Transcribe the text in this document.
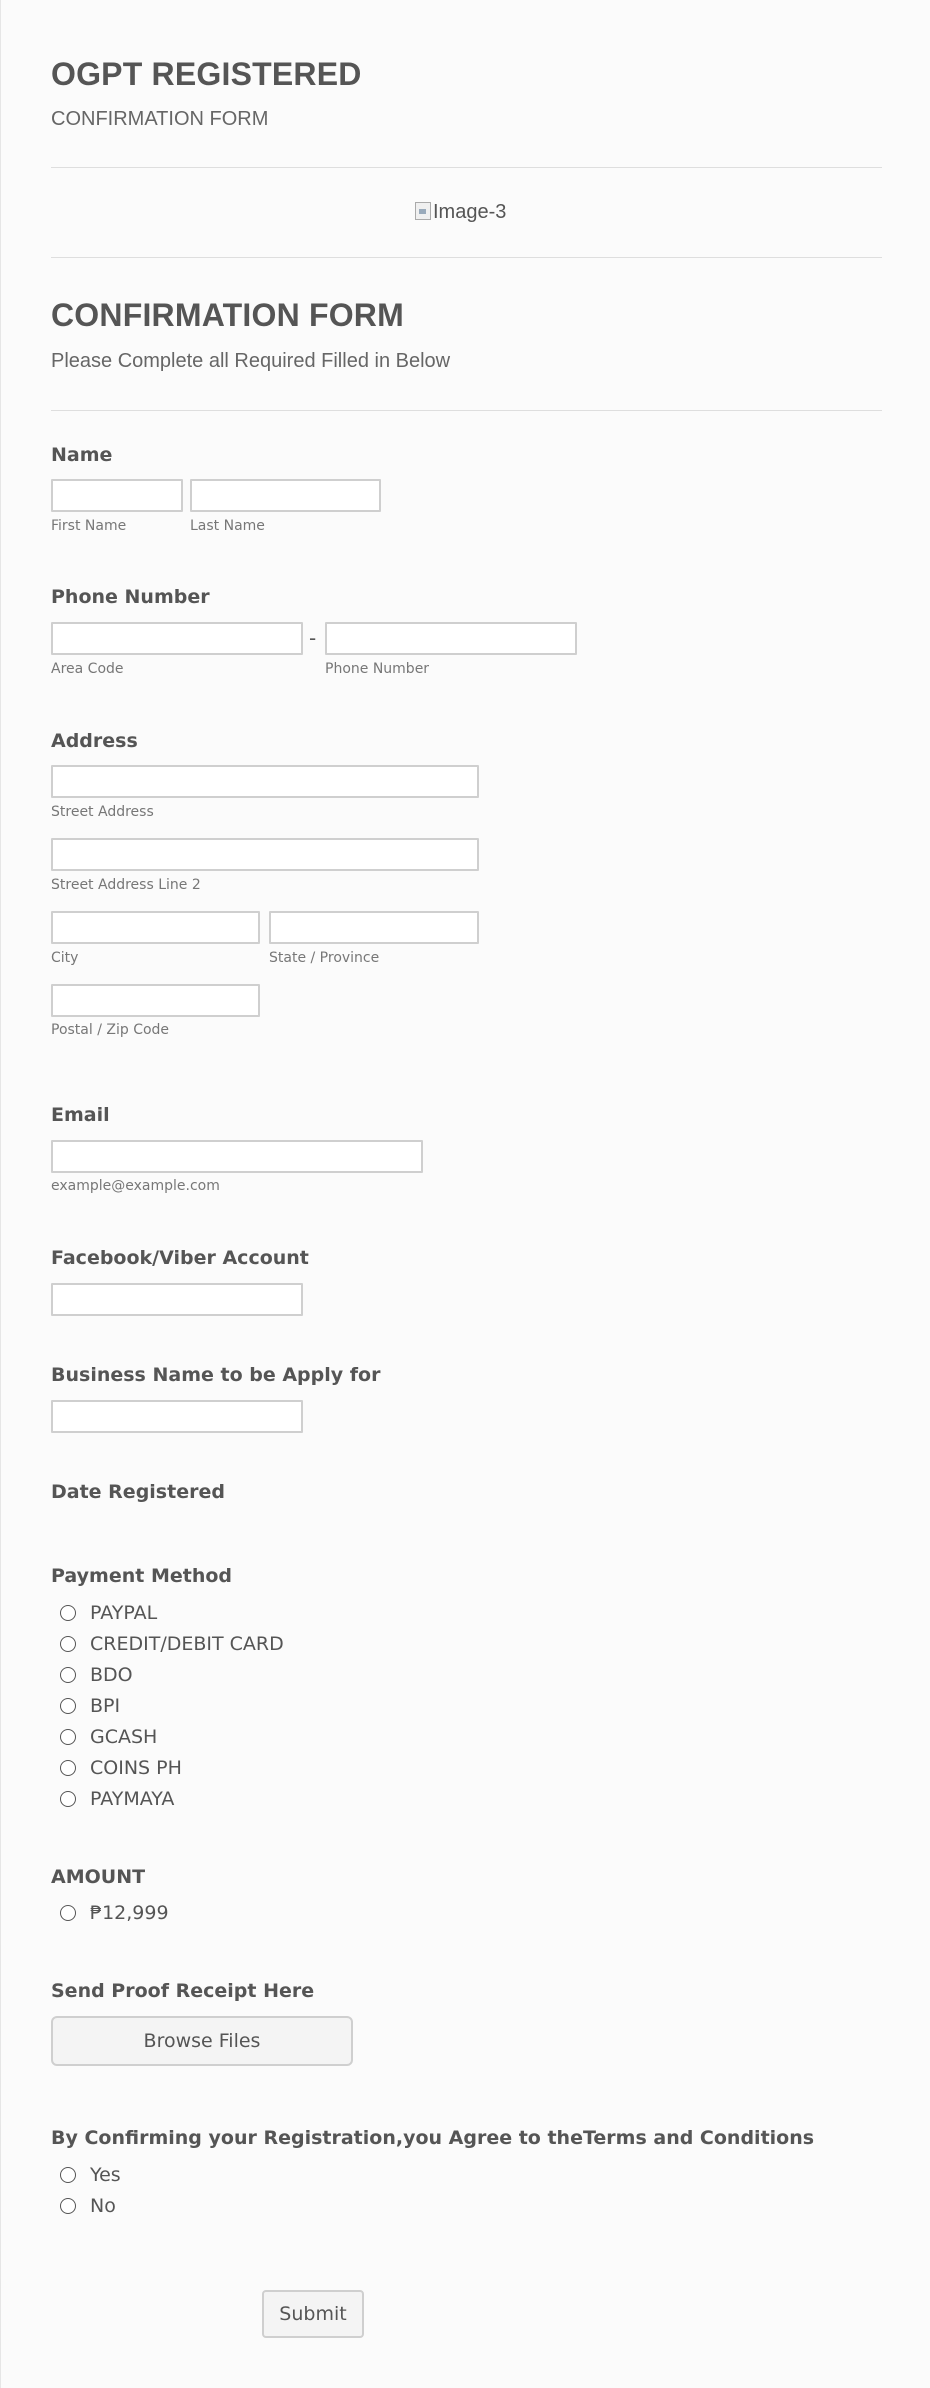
OGPT REGISTERED
CONFIRMATION FORM
Image-3
CONFIRMATION FORM
Please Complete all Required Filled in Below
Name
First Name	Last Name
Phone Number
-
Area Code	Phone Number
Address
Street Address
Street Address Line 2
City	State / Province
Postal / Zip Code
Email
example@example.com
Facebook/Viber Account
Business Name to be Apply for
Date Registered
Payment Method
PAYPAL
CREDIT/DEBIT CARD
BDO
BPI
GCASH
COINS PH
PAYMAYA
AMOUNT
₱12,999
Send Proof Receipt Here
Browse Files
By Confirming your Registration,you Agree to theTerms and Conditions
Yes
No
Submit
